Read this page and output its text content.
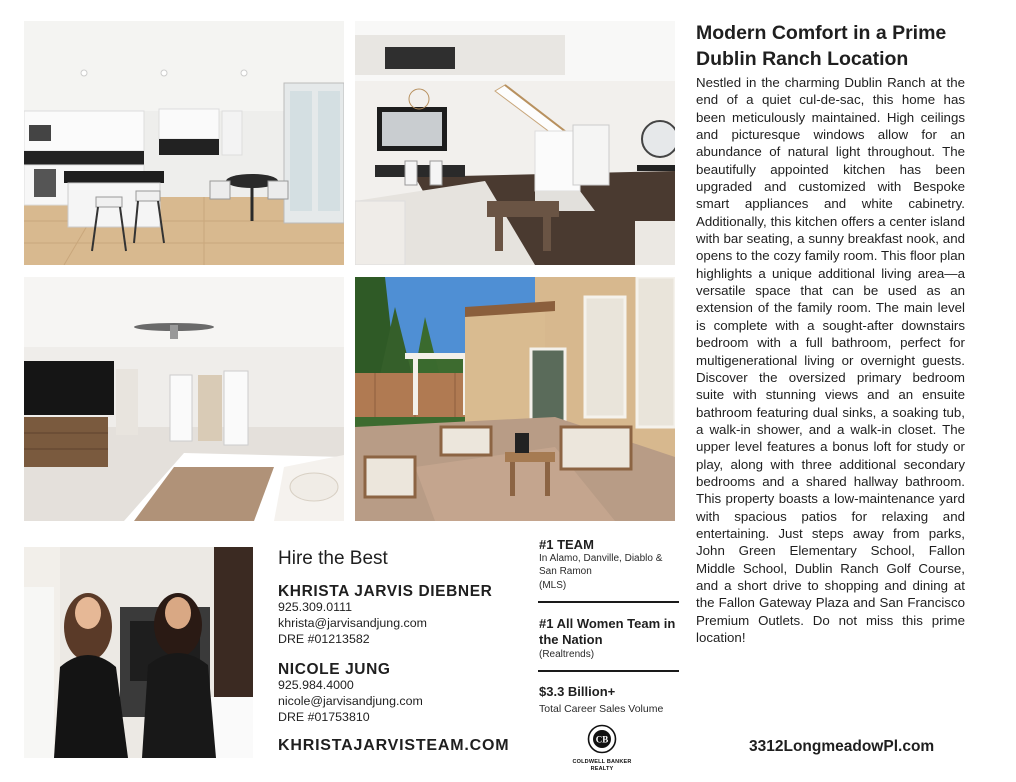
Modern Comfort in a Prime Dublin Ranch Location
Nestled in the charming Dublin Ranch at the end of a quiet cul-de-sac, this home has been meticulously maintained. High ceilings and picturesque windows allow for an abundance of natural light throughout. The beautifully appointed kitchen has been upgraded and customized with Bespoke smart appliances and white cabinetry. Additionally, this kitchen offers a center island with bar seating, a sunny breakfast nook, and opens to the cozy family room. This floor plan highlights a unique additional living area—a versatile space that can be used as an extension of the family room. The main level is complete with a sought-after downstairs bedroom with a full bathroom, perfect for multigenerational living or overnight guests. Discover the oversized primary bedroom suite with stunning views and an ensuite bathroom featuring dual sinks, a soaking tub, a walk-in shower, and a walk-in closet. The upper level features a bonus loft for study or play, along with three additional secondary bedrooms and a shared hallway bathroom. This property boasts a low-maintenance yard with spacious patios for relaxing and entertaining. Just steps away from parks, John Green Elementary School, Fallon Middle School, Dublin Ranch Golf Course, and a short drive to shopping and dining at the Fallon Gateway Plaza and San Francisco Premium Outlets. Do not miss this prime location!
Hire the Best
KHRISTA JARVIS DIEBNER
925.309.0111
khrista@jarvisandjung.com
DRE #01213582
NICOLE JUNG
925.984.4000
nicole@jarvisandjung.com
DRE #01753810
#1 TEAM
In Alamo, Danville, Diablo & San Ramon
(MLS)
#1 All Women Team in the Nation
(Realtrends)
$3.3 Billion+
Total Career Sales Volume
KHRISTAJARVISTEAM.COM	CB
COLDWELL BANKER
REALTY
3312LongmeadowPl.com
